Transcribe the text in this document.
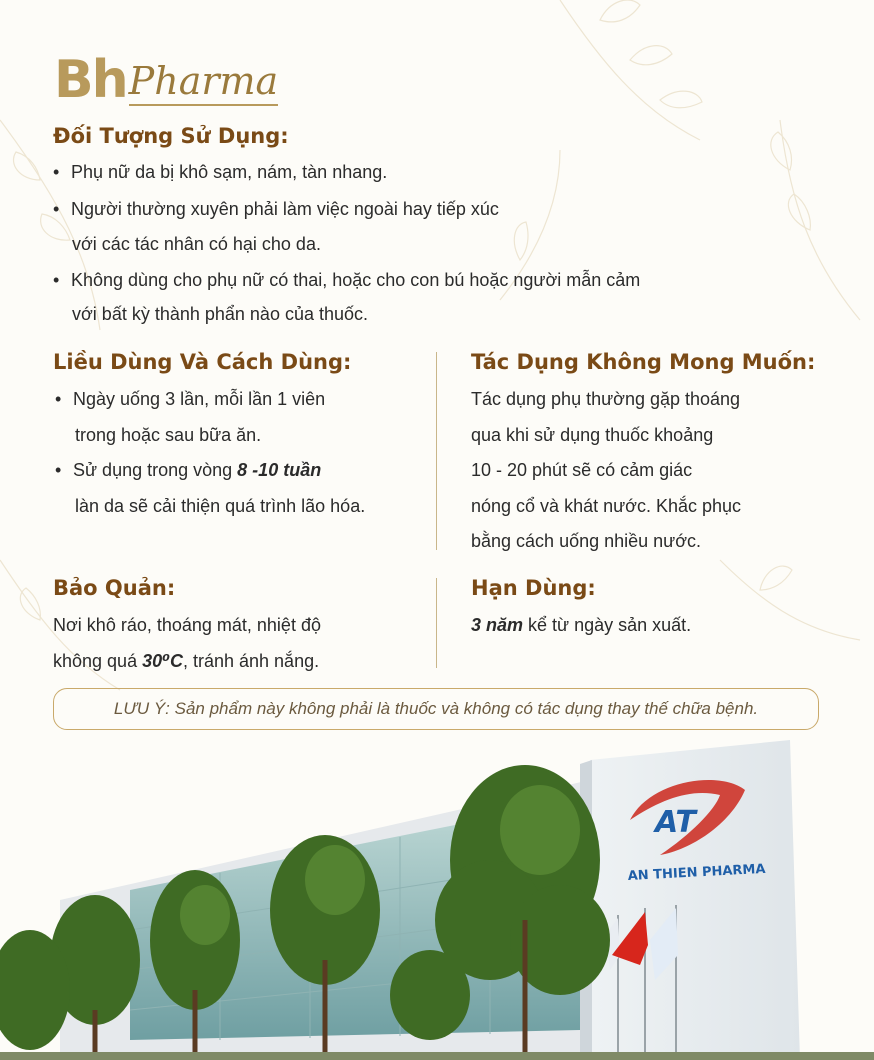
Bh Pharma
Đối Tượng Sử Dụng:
• Phụ nữ da bị khô sạm, nám, tàn nhang.
• Người thường xuyên phải làm việc ngoài hay tiếp xúc
với các tác nhân có hại cho da.
• Không dùng cho phụ nữ có thai, hoặc cho con bú hoặc người mẫn cảm
với bất kỳ thành phẩn nào của thuốc.
Liều Dùng Và Cách Dùng:
• Ngày uống 3 lần, mỗi lần 1 viên
trong hoặc sau bữa ăn.
• Sử dụng trong vòng 8 -10 tuần
làn da sẽ cải thiện quá trình lão hóa.
Tác Dụng Không Mong Muốn:
Tác dụng phụ thường gặp thoáng
qua khi sử dụng thuốc khoảng
10 - 20 phút sẽ có cảm giác
nóng cổ và khát nước. Khắc phục
bằng cách uống nhiều nước.
Bảo Quản:
Nơi khô ráo, thoáng mát, nhiệt độ
không quá 30⁰C, tránh ánh nắng.
Hạn Dùng:
3 năm kể từ ngày sản xuất.
LƯU Ý: Sản phẩm này không phải là thuốc và không có tác dụng thay thế chữa bệnh.
AT
AN THIEN PHARMA
